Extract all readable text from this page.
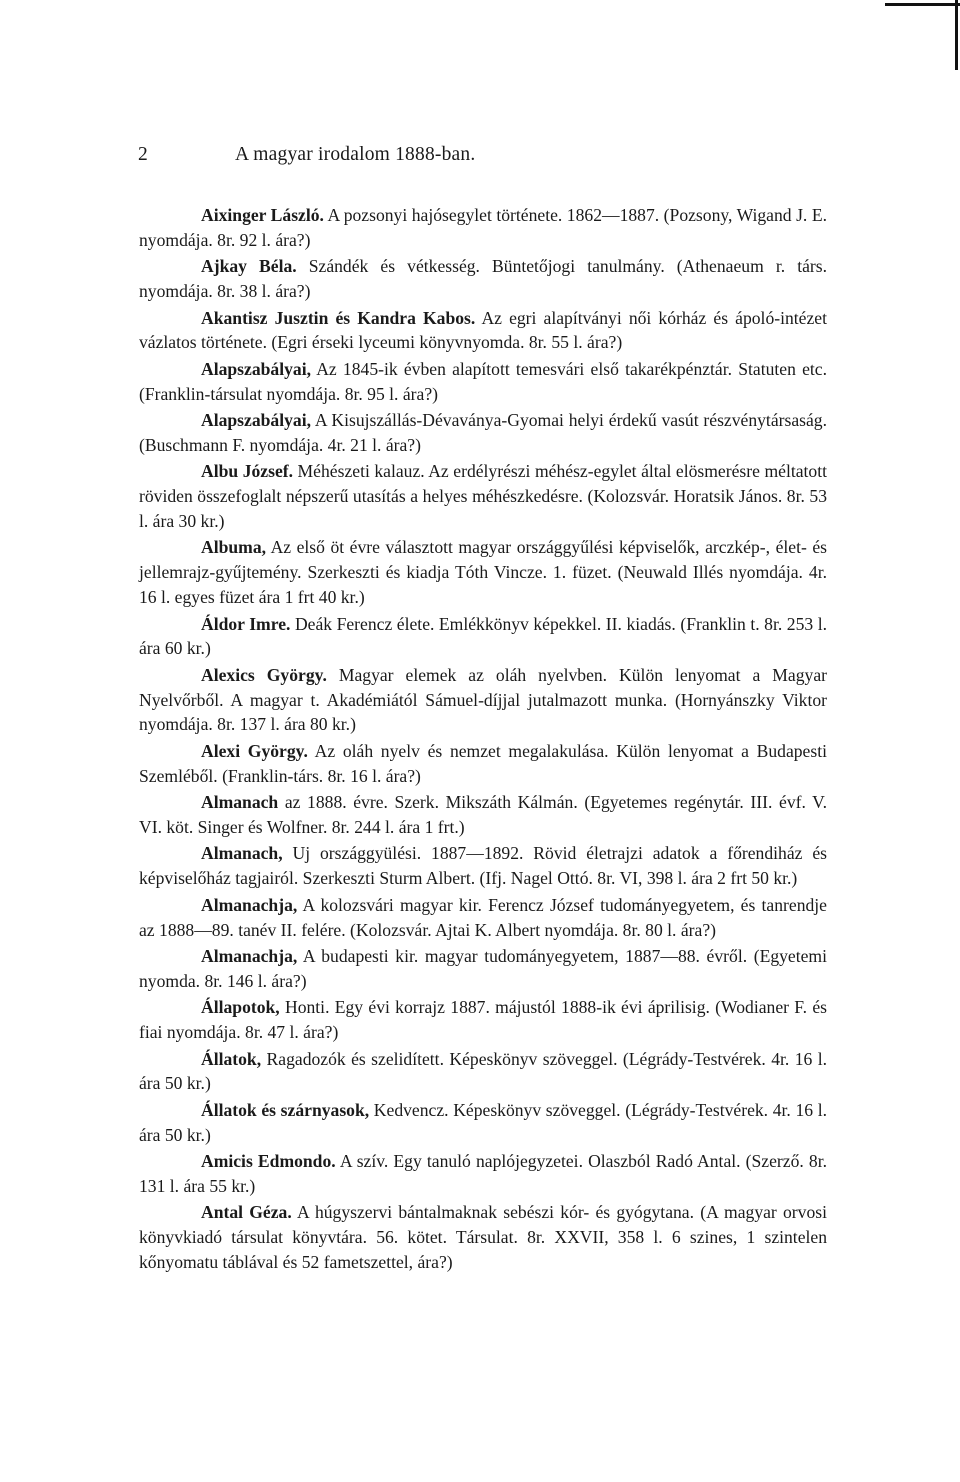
2	A magyar irodalom 1888-ban.

Aixinger László. A pozsonyi hajósegylet története. 1862—1887. (Pozsony, Wigand J. E. nyomdája. 8r. 92 l. ára?)

Ajkay Béla. Szándék és vétkesség. Büntetőjogi tanulmány. (Athenaeum r. társ. nyomdája. 8r. 38 l. ára?)

Akantisz Jusztin és Kandra Kabos. Az egri alapítványi női kórház és ápoló-intézet vázlatos története. (Egri érseki lyceumi könyvnyomda. 8r. 55 l. ára?)

Alapszabályai, Az 1845-ik évben alapított temesvári első takarékpénztár. Statuten etc. (Franklin-társulat nyomdája. 8r. 95 l. ára?)

Alapszabályai, A Kisujszállás-Dévaványa-Gyomai helyi érdekű vasút részvénytársaság. (Buschmann F. nyomdája. 4r. 21 l. ára?)

Albu József. Méhészeti kalauz. Az erdélyrészi méhész-egylet által elösmerésre méltatott röviden összefoglalt népszerű utasítás a helyes méhészkedésre. (Kolozsvár. Horatsik János. 8r. 53 l. ára 30 kr.)

Albuma, Az első öt évre választott magyar országgyűlési képviselők, arczkép-, élet- és jellemrajz-gyűjtemény. Szerkeszti és kiadja Tóth Vincze. 1. füzet. (Neuwald Illés nyomdája. 4r. 16 l. egyes füzet ára 1 frt 40 kr.)

Áldor Imre. Deák Ferencz élete. Emlékkönyv képekkel. II. kiadás. (Franklin t. 8r. 253 l. ára 60 kr.)

Alexics György. Magyar elemek az oláh nyelvben. Külön lenyomat a Magyar Nyelvőrből. A magyar t. Akadémiától Sámuel-díjjal jutalmazott munka. (Hornyánszky Viktor nyomdája. 8r. 137 l. ára 80 kr.)

Alexi György. Az oláh nyelv és nemzet megalakulása. Külön lenyomat a Budapesti Szemléből. (Franklin-társ. 8r. 16 l. ára?)

Almanach az 1888. évre. Szerk. Mikszáth Kálmán. (Egyetemes regénytár. III. évf. V. VI. köt. Singer és Wolfner. 8r. 244 l. ára 1 frt.)

Almanach, Uj országgyülési. 1887—1892. Rövid életrajzi adatok a főrendiház és képviselőház tagjairól. Szerkeszti Sturm Albert. (Ifj. Nagel Ottó. 8r. VI, 398 l. ára 2 frt 50 kr.)

Almanachja, A kolozsvári magyar kir. Ferencz József tudományegyetem, és tanrendje az 1888—89. tanév II. felére. (Kolozsvár. Ajtai K. Albert nyomdája. 8r. 80 l. ára?)

Almanachja, A budapesti kir. magyar tudományegyetem, 1887—88. évről. (Egyetemi nyomda. 8r. 146 l. ára?)

Állapotok, Honti. Egy évi korrajz 1887. májustól 1888-ik évi áprilisig. (Wodianer F. és fiai nyomdája. 8r. 47 l. ára?)

Állatok, Ragadozók és szelidített. Képeskönyv szöveggel. (Légrády-Testvérek. 4r. 16 l. ára 50 kr.)

Állatok és szárnyasok, Kedvencz. Képeskönyv szöveggel. (Légrády-Testvérek. 4r. 16 l. ára 50 kr.)

Amicis Edmondo. A szív. Egy tanuló naplójegyzetei. Olaszból Radó Antal. (Szerző. 8r. 131 l. ára 55 kr.)

Antal Géza. A húgyszervi bántalmaknak sebészi kór- és gyógytana. (A magyar orvosi könyvkiadó társulat könyvtára. 56. kötet. Társulat. 8r. XXVII, 358 l. 6 szines, 1 szintelen kőnyomatu táblával és 52 fametszettel, ára?)
